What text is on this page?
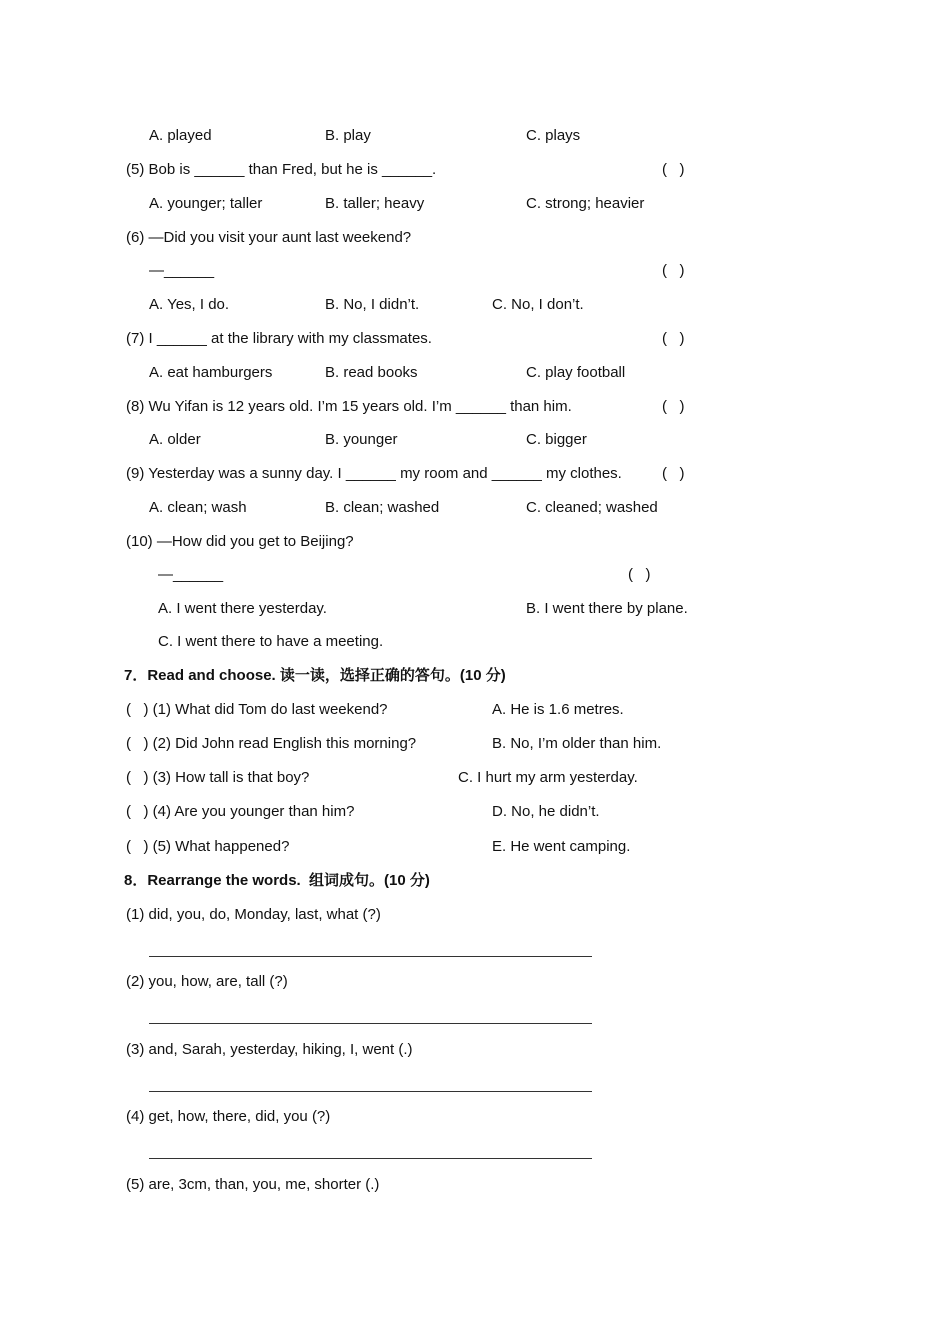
A. played	B. play	C. plays
(5) Bob is ______ than Fred, but he is ______.	(   )
A. younger; taller	B. taller; heavy	C. strong; heavier
(6) —Did you visit your aunt last weekend?
—______	(   )
A. Yes, I do.	B. No, I didn’t.	C. No, I don’t.
(7) I ______ at the library with my classmates.	(   )
A. eat hamburgers	B. read books	C. play football
(8) Wu Yifan is 12 years old. I’m 15 years old. I’m ______ than him.	(   )
A. older	B. younger	C. bigger
(9) Yesterday was a sunny day. I ______ my room and ______ my clothes.	(   )
A. clean; wash	B. clean; washed	C. cleaned; washed
(10) —How did you get to Beijing?
—______	(   )
A. I went there yesterday.	B. I went there by plane.
C. I went there to have a meeting.
7．Read and choose. 读一读，选择正确的答句。(10 分)
(   ) (1) What did Tom do last weekend?	A. He is 1.6 metres.
(   ) (2) Did John read English this morning?	B. No, I’m older than him.
(   ) (3) How tall is that boy?	C. I hurt my arm yesterday.
(   ) (4) Are you younger than him?	D. No, he didn’t.
(   ) (5) What happened?	E. He went camping.
8．Rearrange the words.  组词成句。(10 分)
(1) did, you, do, Monday, last, what (?)
(2) you, how, are, tall (?)
(3) and, Sarah, yesterday, hiking, I, went (.)
(4) get, how, there, did, you (?)
(5) are, 3cm, than, you, me, shorter (.)
